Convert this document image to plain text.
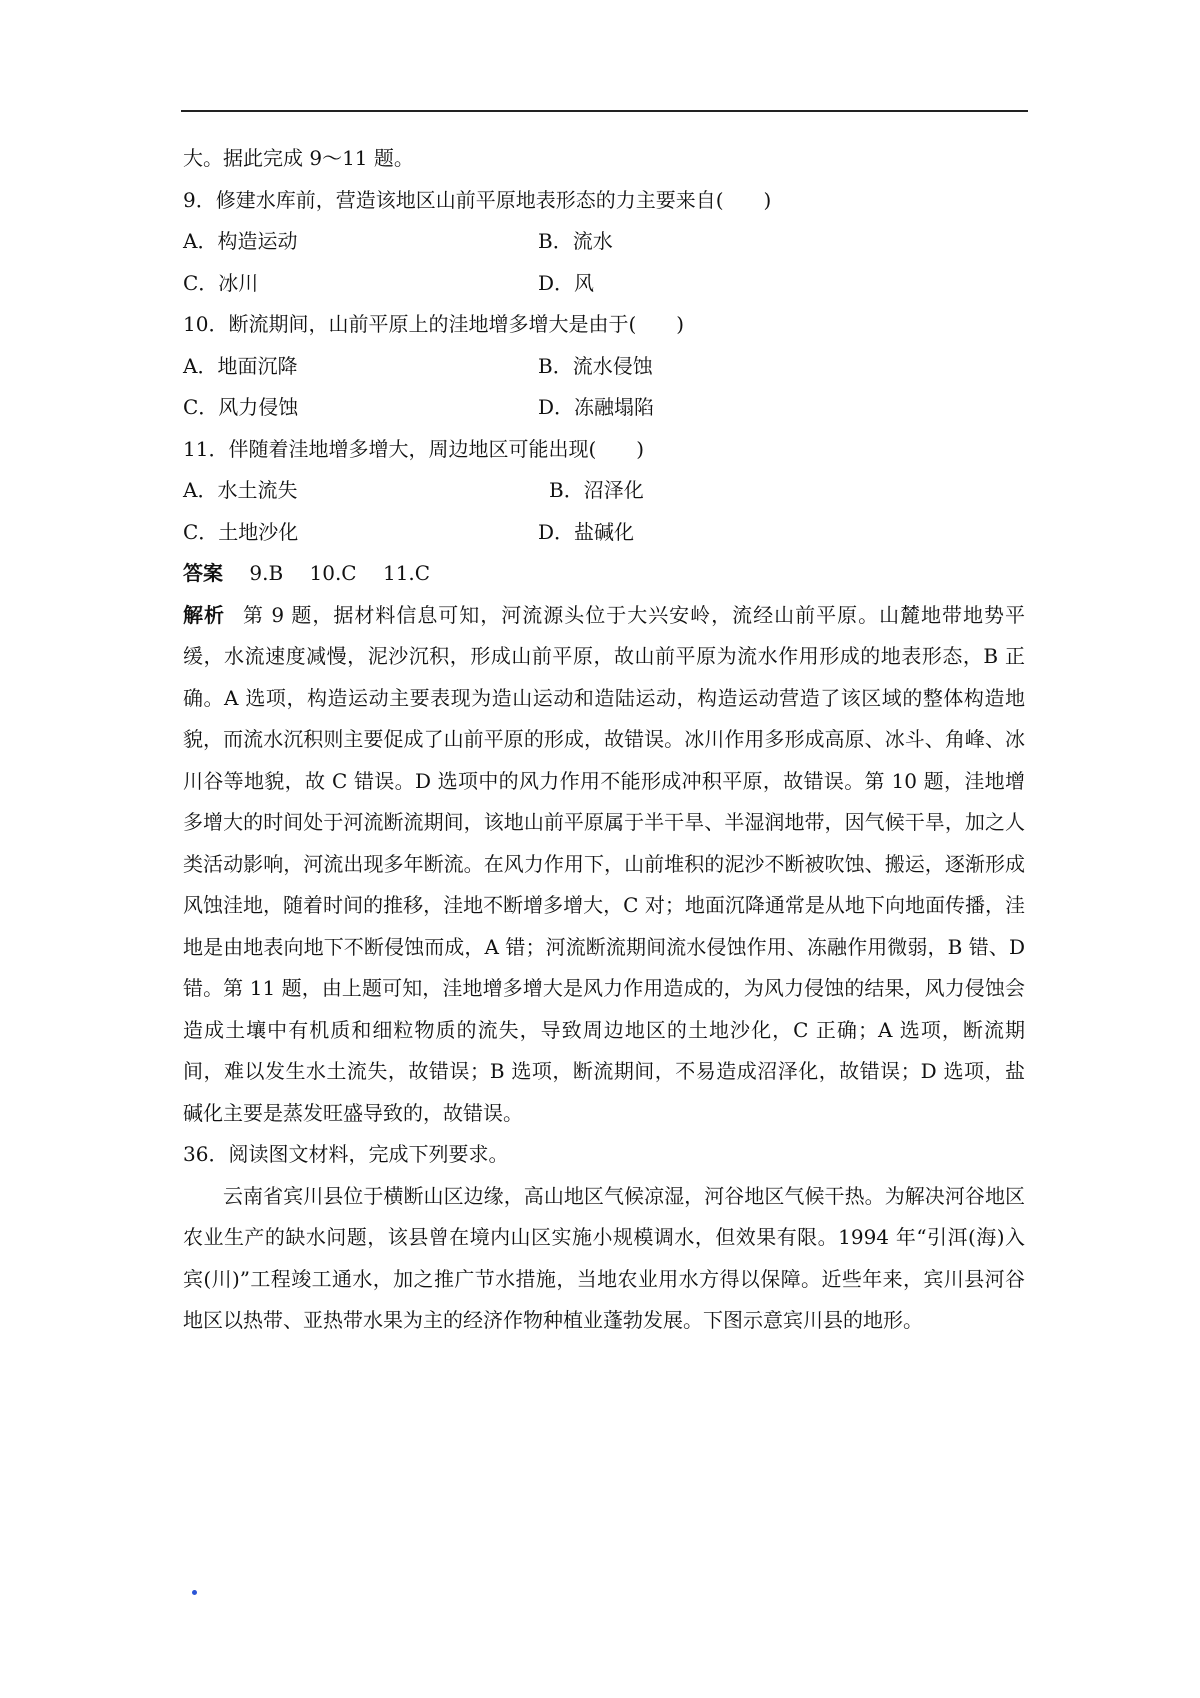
大。据此完成 9～11 题。
9．修建水库前，营造该地区山前平原地表形态的力主要来自(　　)
A．构造运动	B．流水
C．冰川	D．风
10．断流期间，山前平原上的洼地增多增大是由于(　　)
A．地面沉降	B．流水侵蚀
C．风力侵蚀	D．冻融塌陷
11．伴随着洼地增多增大，周边地区可能出现(　　)
A．水土流失	B．沼泽化
C．土地沙化	D．盐碱化
答案 9.B 10.C 11.C

解析 第 9 题，据材料信息可知，河流源头位于大兴安岭，流经山前平原。山麓地带地势平缓，水流速度减慢，泥沙沉积，形成山前平原，故山前平原为流水作用形成的地表形态，B 正确。A 选项，构造运动主要表现为造山运动和造陆运动，构造运动营造了该区域的整体构造地貌，而流水沉积则主要促成了山前平原的形成，故错误。冰川作用多形成高原、冰斗、角峰、冰川谷等地貌，故 C 错误。D 选项中的风力作用不能形成冲积平原，故错误。第 10 题，洼地增多增大的时间处于河流断流期间，该地山前平原属于半干旱、半湿润地带，因气候干旱，加之人类活动影响，河流出现多年断流。在风力作用下，山前堆积的泥沙不断被吹蚀、搬运，逐渐形成风蚀洼地，随着时间的推移，洼地不断增多增大，C 对；地面沉降通常是从地下向地面传播，洼地是由地表向地下不断侵蚀而成，A 错；河流断流期间流水侵蚀作用、冻融作用微弱，B 错、D 错。第 11 题，由上题可知，洼地增多增大是风力作用造成的，为风力侵蚀的结果，风力侵蚀会造成土壤中有机质和细粒物质的流失，导致周边地区的土地沙化，C 正确；A 选项，断流期间，难以发生水土流失，故错误；B 选项，断流期间，不易造成沼泽化，故错误；D 选项，盐碱化主要是蒸发旺盛导致的，故错误。

36．阅读图文材料，完成下列要求。

云南省宾川县位于横断山区边缘，高山地区气候凉湿，河谷地区气候干热。为解决河谷地区农业生产的缺水问题，该县曾在境内山区实施小规模调水，但效果有限。1994 年“引洱(海)入宾(川)”工程竣工通水，加之推广节水措施，当地农业用水方得以保障。近些年来，宾川县河谷地区以热带、亚热带水果为主的经济作物种植业蓬勃发展。下图示意宾川县的地形。
